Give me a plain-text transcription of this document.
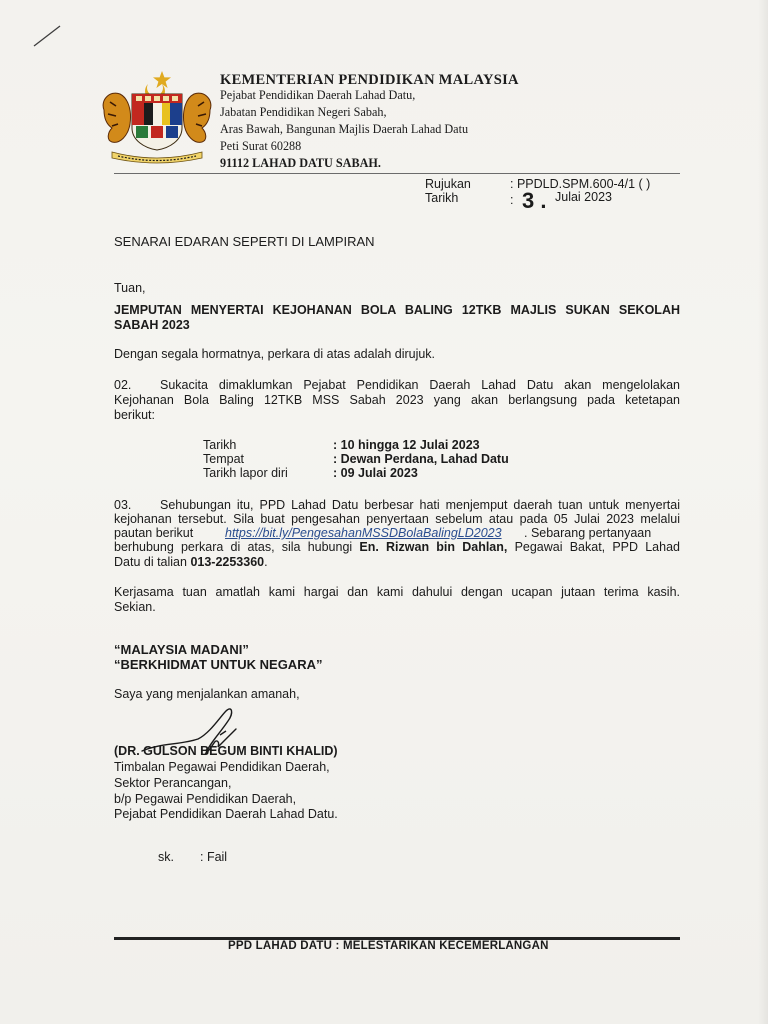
KEMENTERIAN PENDIDIKAN MALAYSIA
Pejabat Pendidikan Daerah Lahad Datu,
Jabatan Pendidikan Negeri Sabah,
Aras Bawah, Bangunan Majlis Daerah Lahad Datu
Peti Surat 60288
91112 LAHAD DATU SABAH.
Rujukan	: PPDLD.SPM.600-4/1 ( )
Tarikh	: 3 . Julai 2023
SENARAI EDARAN SEPERTI DI LAMPIRAN
Tuan,
JEMPUTAN MENYERTAI KEJOHANAN BOLA BALING 12TKB MAJLIS SUKAN SEKOLAH
SABAH 2023
Dengan segala hormatnya, perkara di atas adalah dirujuk.
02. Sukacita dimaklumkan Pejabat Pendidikan Daerah Lahad Datu akan mengelolakan
Kejohanan Bola Baling 12TKB MSS Sabah 2023 yang akan berlangsung pada ketetapan
berikut:
Tarikh	: 10 hingga 12 Julai 2023
Tempat	: Dewan Perdana, Lahad Datu
Tarikh lapor diri	: 09 Julai 2023
03. Sehubungan itu, PPD Lahad Datu berbesar hati menjemput daerah tuan untuk menyertai
kejohanan tersebut. Sila buat pengesahan penyertaan sebelum atau pada 05 Julai 2023 melalui
pautan berikut	https://bit.ly/PengesahanMSSDBolaBalingLD2023 . Sebarang pertanyaan
berhubung perkara di atas, sila hubungi En. Rizwan bin Dahlan, Pegawai Bakat, PPD Lahad
Datu di talian 013-2253360.
Kerjasama tuan amatlah kami hargai dan kami dahului dengan ucapan jutaan terima kasih.
Sekian.
“MALAYSIA MADANI”
“BERKHIDMAT UNTUK NEGARA”
Saya yang menjalankan amanah,
(DR. GULSON BEGUM BINTI KHALID)
Timbalan Pegawai Pendidikan Daerah,
Sektor Perancangan,
b/p Pegawai Pendidikan Daerah,
Pejabat Pendidikan Daerah Lahad Datu.
sk. : Fail
PPD LAHAD DATU : MELESTARIKAN KECEMERLANGAN
